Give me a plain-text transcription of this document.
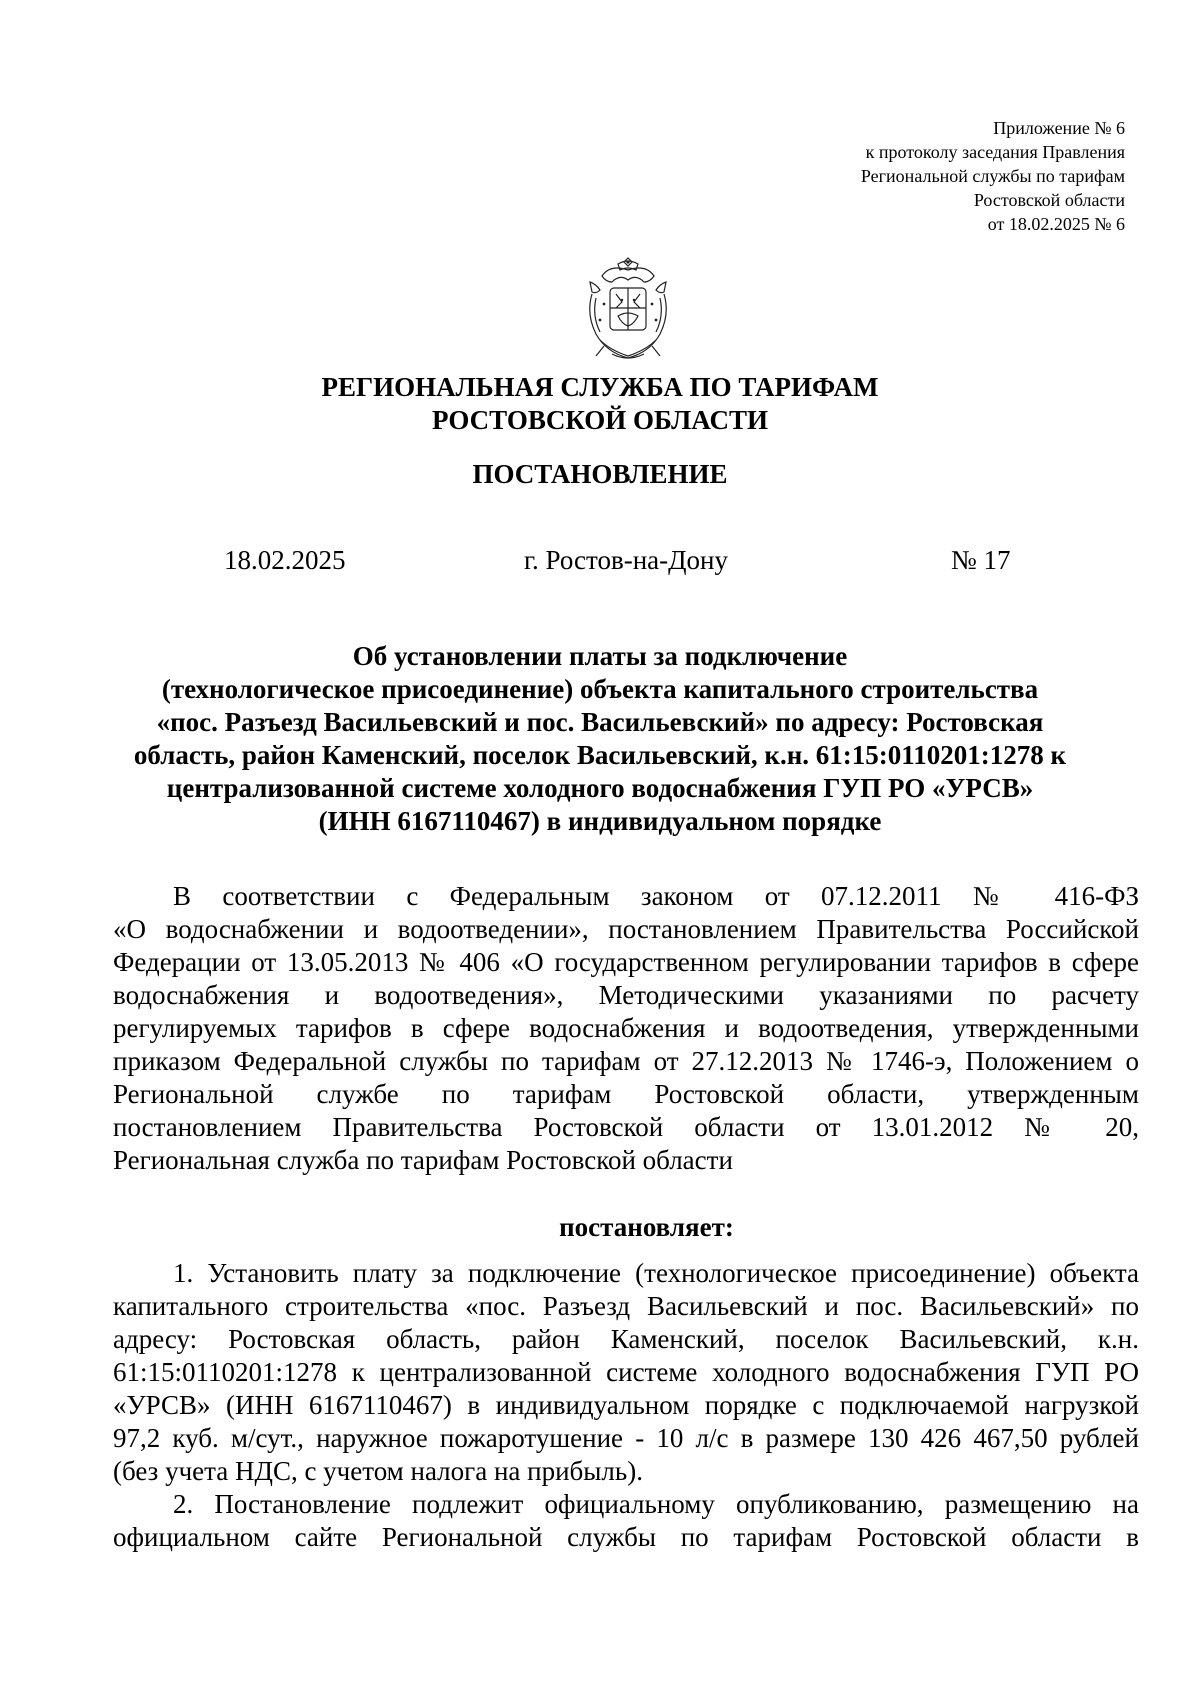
Приложение № 6
к протоколу заседания Правления
Региональной службы по тарифам
Ростовской области
от 18.02.2025 № 6
РЕГИОНАЛЬНАЯ СЛУЖБА ПО ТАРИФАМ
РОСТОВСКОЙ ОБЛАСТИ
ПОСТАНОВЛЕНИЕ
18.02.2025	г. Ростов-на-Дону	№ 17
Об установлении платы за подключение
(технологическое присоединение) объекта капитального строительства
«пос. Разъезд Васильевский и пос. Васильевский» по адресу: Ростовская
область, район Каменский, поселок Васильевский, к.н. 61:15:0110201:1278 к
централизованной системе холодного водоснабжения ГУП РО «УРСВ»
(ИНН 6167110467) в индивидуальном порядке
В соответствии с Федеральным законом от 07.12.2011 № 416-ФЗ
«О водоснабжении и водоотведении», постановлением Правительства Российской
Федерации от 13.05.2013 № 406 «О государственном регулировании тарифов в сфере
водоснабжения и водоотведения», Методическими указаниями по расчету
регулируемых тарифов в сфере водоснабжения и водоотведения, утвержденными
приказом Федеральной службы по тарифам от 27.12.2013 № 1746-э, Положением о
Региональной службе по тарифам Ростовской области, утвержденным
постановлением Правительства Ростовской области от 13.01.2012 № 20,
Региональная служба по тарифам Ростовской области
постановляет:
1. Установить плату за подключение (технологическое присоединение) объекта
капитального строительства «пос. Разъезд Васильевский и пос. Васильевский» по
адресу: Ростовская область, район Каменский, поселок Васильевский, к.н.
61:15:0110201:1278 к централизованной системе холодного водоснабжения ГУП РО
«УРСВ» (ИНН 6167110467) в индивидуальном порядке с подключаемой нагрузкой
97,2 куб. м/сут., наружное пожаротушение - 10 л/с в размере 130 426 467,50 рублей
(без учета НДС, с учетом налога на прибыль).
2. Постановление подлежит официальному опубликованию, размещению на
официальном сайте Региональной службы по тарифам Ростовской области в
